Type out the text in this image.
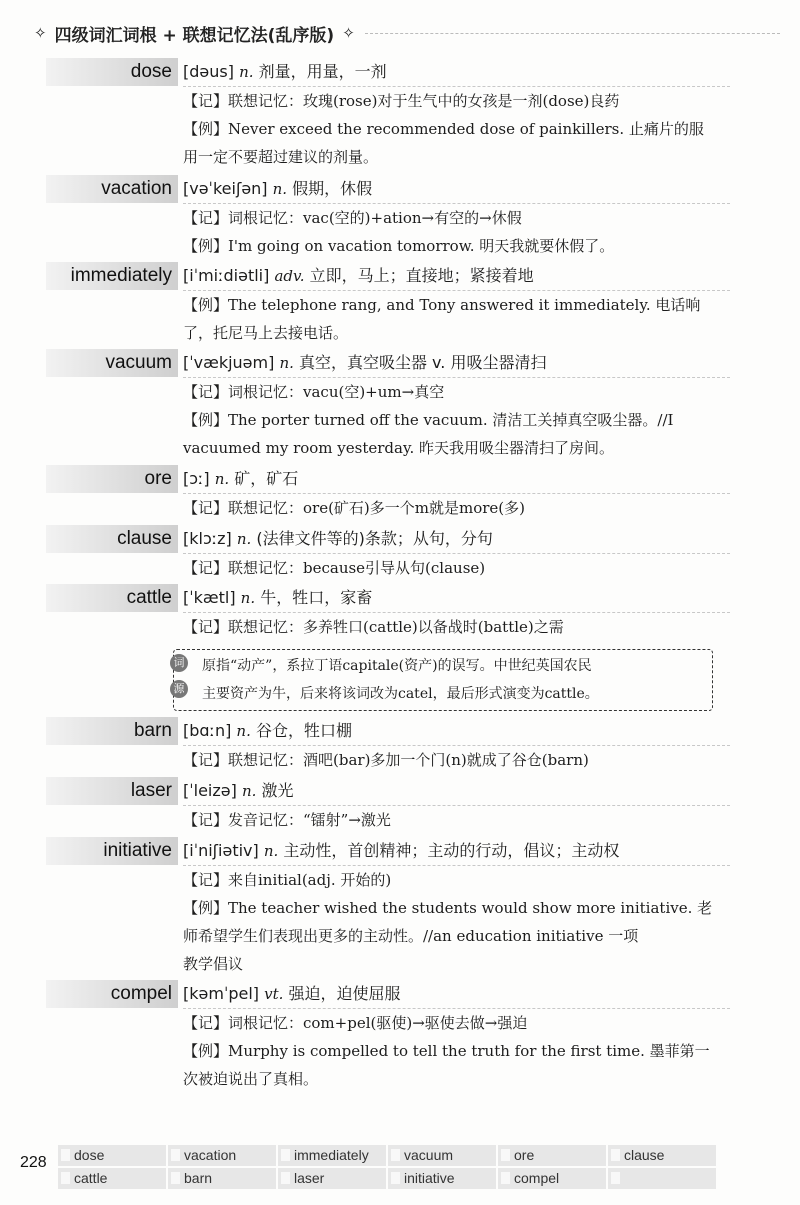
✧ 四级词汇词根 + 联想记忆法(乱序版) ✧
dose [dəus] n. 剂量，用量，一剂
【记】联想记忆：玫瑰(rose)对于生气中的女孩是一剂(dose)良药
【例】Never exceed the recommended dose of painkillers. 止痛片的服
用一定不要超过建议的剂量。
vacation [vəˈkeiʃən] n. 假期，休假
【记】词根记忆：vac(空的)+ation→有空的→休假
【例】I'm going on vacation tomorrow. 明天我就要休假了。
immediately [iˈmiːdiətli] adv. 立即，马上；直接地；紧接着地
【例】The telephone rang, and Tony answered it immediately. 电话响
了，托尼马上去接电话。
vacuum [ˈvækjuəm] n. 真空，真空吸尘器 v. 用吸尘器清扫
【记】词根记忆：vacu(空)+um→真空
【例】The porter turned off the vacuum. 清洁工关掉真空吸尘器。//I
vacuumed my room yesterday. 昨天我用吸尘器清扫了房间。
ore [ɔː] n. 矿，矿石
【记】联想记忆：ore(矿石)多一个m就是more(多)
clause [klɔːz] n. (法律文件等的)条款；从句，分句
【记】联想记忆：because引导从句(clause)
cattle [ˈkætl] n. 牛，牲口，家畜
【记】联想记忆：多养牲口(cattle)以备战时(battle)之需
词
源
原指“动产”，系拉丁语capitale(资产)的误写。中世纪英国农民
主要资产为牛，后来将该词改为catel，最后形式演变为cattle。
barn [bɑːn] n. 谷仓，牲口棚
【记】联想记忆：酒吧(bar)多加一个门(n)就成了谷仓(barn)
laser [ˈleizə] n. 激光
【记】发音记忆：“镭射”→激光
initiative [iˈniʃiətiv] n. 主动性，首创精神；主动的行动，倡议；主动权
【记】来自initial(adj. 开始的)
【例】The teacher wished the students would show more initiative. 老
师希望学生们表现出更多的主动性。//an education initiative 一项
教学倡议
compel [kəmˈpel] vt. 强迫，迫使屈服
【记】词根记忆：com+pel(驱使)→驱使去做→强迫
【例】Murphy is compelled to tell the truth for the first time. 墨菲第一
次被迫说出了真相。
228	dose	vacation	immediately	vacuum	ore	clause
cattle	barn	laser	initiative	compel
